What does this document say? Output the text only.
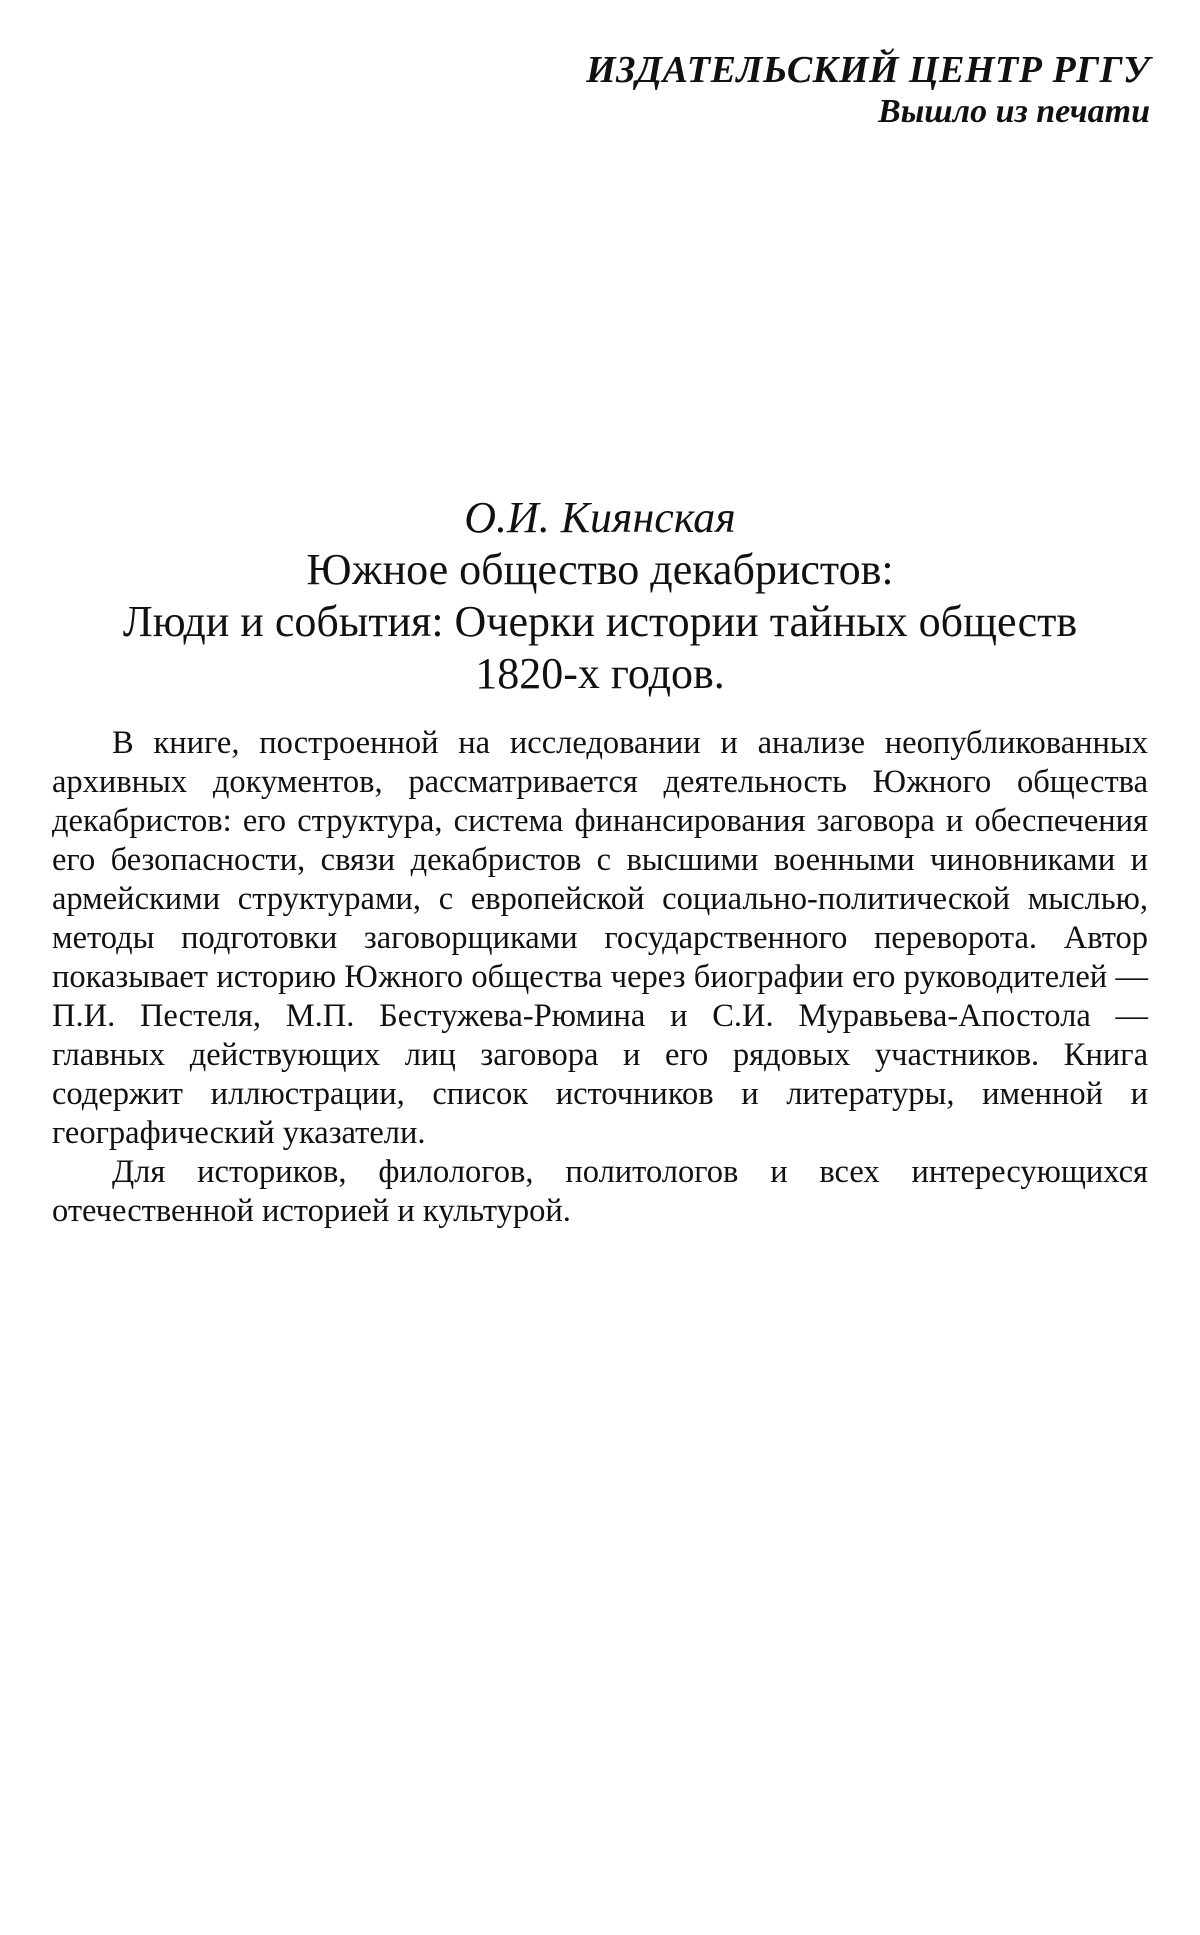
ИЗДАТЕЛЬСКИЙ ЦЕНТР РГГУ
Вышло из печати
О.И. Киянская
Южное общество декабристов:
Люди и события: Очерки истории тайных обществ
1820-х годов.

В книге, построенной на исследовании и анализе неопубликованных архивных документов, рассматривается деятельность Южного общества декабристов: его структура, система финансирования заговора и обеспечения его безопасности, связи декабристов с высшими военными чиновниками и армейскими структурами, с европейской социально-политической мыслью, методы подготовки заговорщиками государственного переворота. Автор показывает историю Южного общества через биографии его руководителей — П.И. Пестеля, М.П. Бестужева-Рюмина и С.И. Муравьева-Апостола — главных действующих лиц заговора и его рядовых участников. Книга содержит иллюстрации, список источников и литературы, именной и географический указатели.

Для историков, филологов, политологов и всех интересующихся отечественной историей и культурой.
